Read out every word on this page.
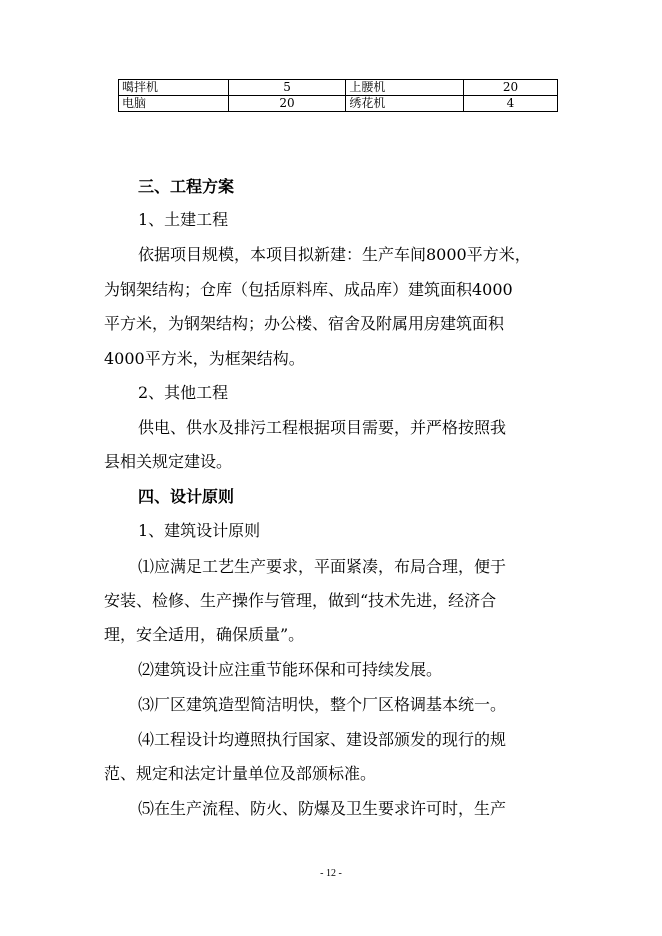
噶拌机	5	上腰机	20
电脑	20	绣花机	4
三、工程方案
1、土建工程
依据项目规模，本项目拟新建：生产车间8000平方米，
为钢架结构；仓库（包括原料库、成品库）建筑面积4000
平方米，为钢架结构；办公楼、宿舍及附属用房建筑面积
4000平方米，为框架结构。
2、其他工程
供电、供水及排污工程根据项目需要，并严格按照我
县相关规定建设。
四、设计原则
1、建筑设计原则
⑴应满足工艺生产要求，平面紧凑，布局合理，便于
安装、检修、生产操作与管理，做到“技术先进，经济合
理，安全适用，确保质量”。
⑵建筑设计应注重节能环保和可持续发展。
⑶厂区建筑造型简洁明快，整个厂区格调基本统一。
⑷工程设计均遵照执行国家、建设部颁发的现行的规
范、规定和法定计量单位及部颁标准。
⑸在生产流程、防火、防爆及卫生要求许可时，生产
- 12 -
